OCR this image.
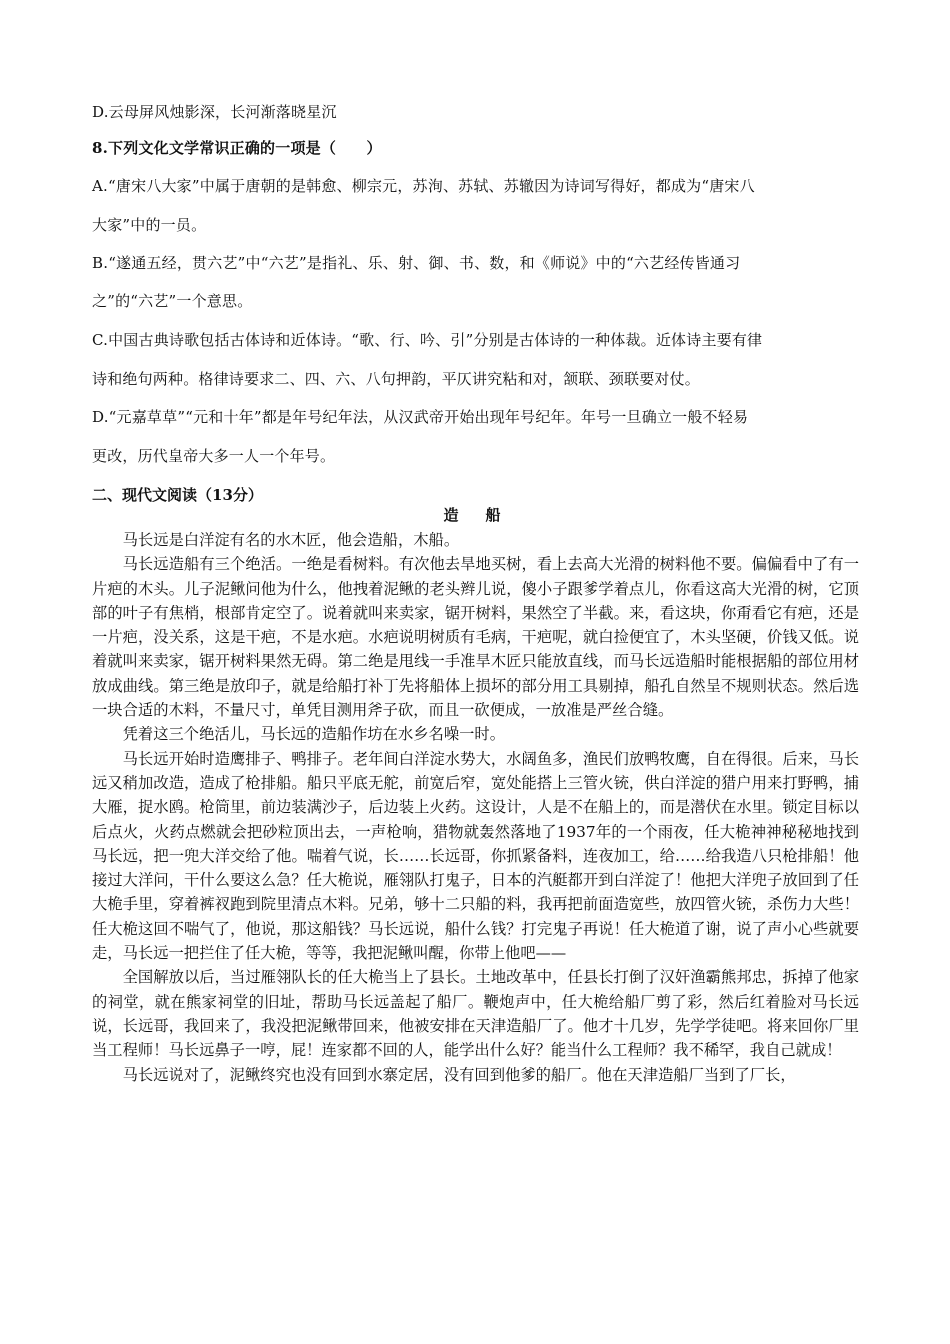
D.云母屏风烛影深，长河渐落晓星沉
8.下列文化文学常识正确的一项是（　　）
A.“唐宋八大家”中属于唐朝的是韩愈、柳宗元，苏洵、苏轼、苏辙因为诗词写得好，都成为“唐宋八
大家”中的一员。
B.“遂通五经，贯六艺”中“六艺”是指礼、乐、射、御、书、数，和《师说》中的“六艺经传皆通习
之”的“六艺”一个意思。
C.中国古典诗歌包括古体诗和近体诗。“歌、行、吟、引”分别是古体诗的一种体裁。近体诗主要有律
诗和绝句两种。格律诗要求二、四、六、八句押韵，平仄讲究粘和对，颔联、颈联要对仗。
D.“元嘉草草”“元和十年”都是年号纪年法，从汉武帝开始出现年号纪年。年号一旦确立一般不轻易
更改，历代皇帝大多一人一个年号。
二、现代文阅读（13分）
造　船

马长远是白洋淀有名的水木匠，他会造船，木船。

马长远造船有三个绝活。一绝是看树料。有次他去旱地买树，看上去高大光滑的树料他不要。偏偏看中了有一片疤的木头。儿子泥鳅问他为什么，他拽着泥鳅的老头辫儿说，傻小子跟爹学着点儿，你看这高大光滑的树，它顶部的叶子有焦梢，根部肯定空了。说着就叫来卖家，锯开树料，果然空了半截。来，看这块，你甭看它有疤，还是一片疤，没关系，这是干疤，不是水疤。水疤说明树质有毛病，干疤呢，就白捡便宜了，木头坚硬，价钱又低。说着就叫来卖家，锯开树料果然无碍。第二绝是甩线一手准旱木匠只能放直线，而马长远造船时能根据船的部位用材放成曲线。第三绝是放印子，就是给船打补丁先将船体上损坏的部分用工具剔掉，船孔自然呈不规则状态。然后选一块合适的木料，不量尺寸，单凭目测用斧子砍，而且一砍便成，一放准是严丝合缝。

凭着这三个绝活儿，马长远的造船作坊在水乡名噪一时。

马长远开始时造鹰排子、鸭排子。老年间白洋淀水势大，水阔鱼多，渔民们放鸭牧鹰，自在得很。后来，马长远又稍加改造，造成了枪排船。船只平底无舵，前宽后窄，宽处能搭上三管火铳，供白洋淀的猎户用来打野鸭，捕大雁，捉水鸥。枪筒里，前边装满沙子，后边装上火药。这设计，人是不在船上的，而是潜伏在水里。锁定目标以后点火，火药点燃就会把砂粒顶出去，一声枪响，猎物就轰然落地了1937年的一个雨夜，任大桅神神秘秘地找到马长远，把一兜大洋交给了他。喘着气说，长……长远哥，你抓紧备料，连夜加工，给……给我造八只枪排船！他接过大洋问，干什么要这么急？任大桅说，雁翎队打鬼子，日本的汽艇都开到白洋淀了！他把大洋兜子放回到了任大桅手里，穿着裤衩跑到院里清点木料。兄弟，够十二只船的料，我再把前面造宽些，放四管火铳，杀伤力大些！任大桅这回不喘气了，他说，那这船钱？马长远说，船什么钱？打完鬼子再说！任大桅道了谢，说了声小心些就要走，马长远一把拦住了任大桅，等等，我把泥鳅叫醒，你带上他吧——

全国解放以后，当过雁翎队长的任大桅当上了县长。土地改革中，任县长打倒了汉奸渔霸熊邦忠，拆掉了他家的祠堂，就在熊家祠堂的旧址，帮助马长远盖起了船厂。鞭炮声中，任大桅给船厂剪了彩，然后红着脸对马长远说，长远哥，我回来了，我没把泥鳅带回来，他被安排在天津造船厂了。他才十几岁，先学学徒吧。将来回你厂里当工程师！马长远鼻子一哼，屁！连家都不回的人，能学出什么好？能当什么工程师？我不稀罕，我自己就成！

马长远说对了，泥鳅终究也没有回到水寨定居，没有回到他爹的船厂。他在天津造船厂当到了厂长，
